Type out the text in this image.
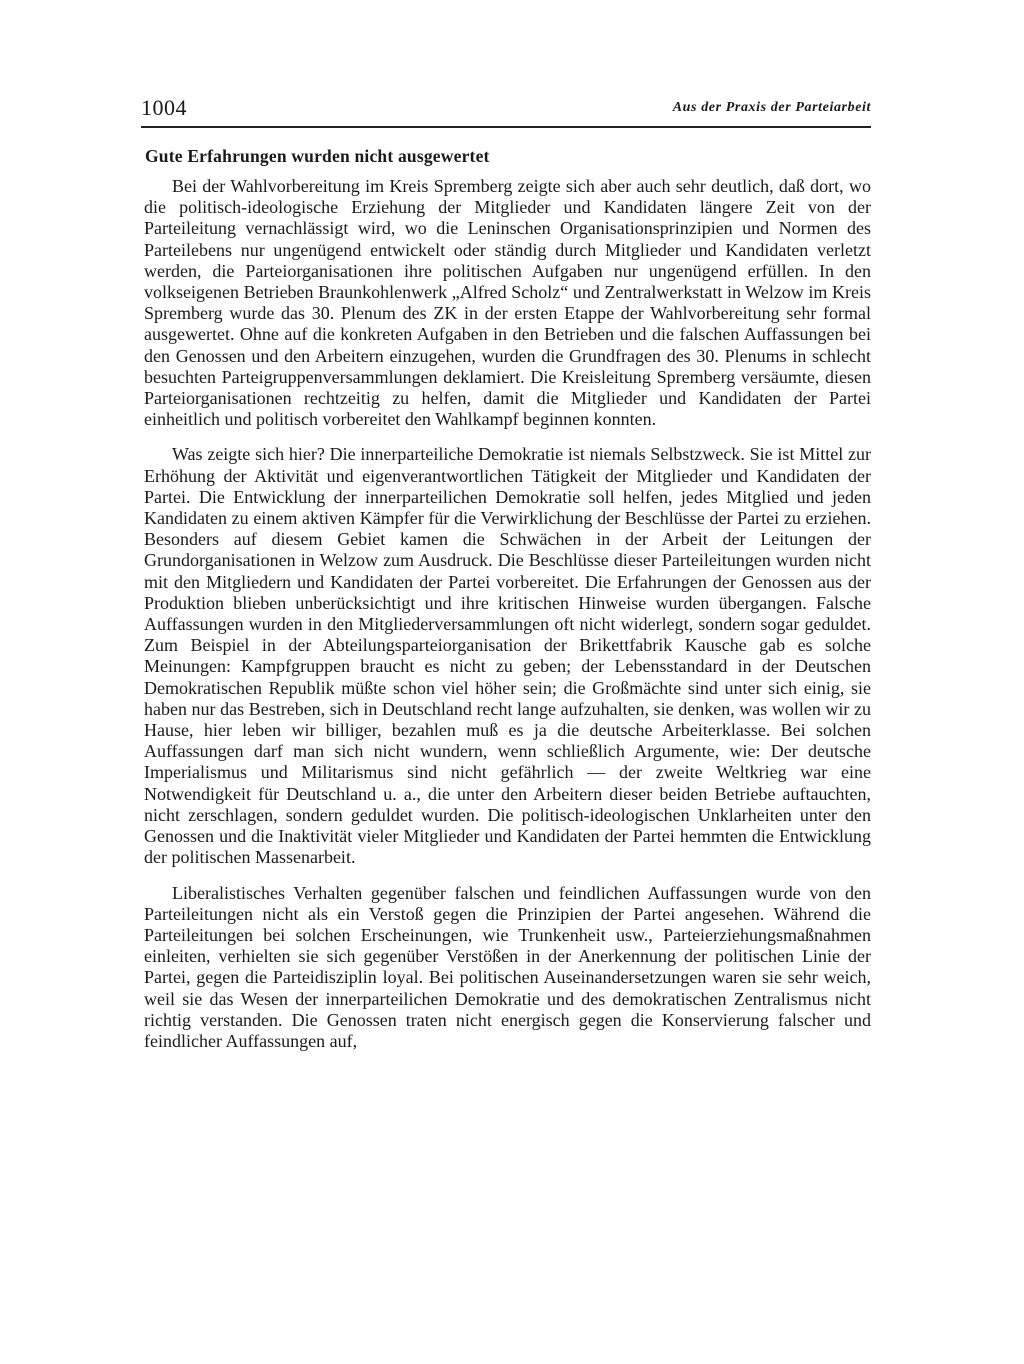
1004	Aus der Praxis der Parteiarbeit
Gute Erfahrungen wurden nicht ausgewertet

Bei der Wahlvorbereitung im Kreis Spremberg zeigte sich aber auch sehr deutlich, daß dort, wo die politisch-ideologische Erziehung der Mitglieder und Kandidaten längere Zeit von der Parteileitung vernachlässigt wird, wo die Leninschen Organisationsprinzipien und Normen des Parteilebens nur ungenügend entwickelt oder ständig durch Mitglieder und Kandidaten verletzt werden, die Parteiorganisationen ihre politischen Aufgaben nur ungenügend erfüllen. In den volkseigenen Betrieben Braunkohlenwerk „Alfred Scholz“ und Zentralwerkstatt in Welzow im Kreis Spremberg wurde das 30. Plenum des ZK in der ersten Etappe der Wahlvorbereitung sehr formal ausgewertet. Ohne auf die konkreten Aufgaben in den Betrieben und die falschen Auffassungen bei den Genossen und den Arbeitern einzugehen, wurden die Grundfragen des 30. Plenums in schlecht besuchten Parteigruppenversammlungen deklamiert. Die Kreisleitung Spremberg versäumte, diesen Parteiorganisationen rechtzeitig zu helfen, damit die Mitglieder und Kandidaten der Partei einheitlich und politisch vorbereitet den Wahlkampf beginnen konnten.

Was zeigte sich hier? Die innerparteiliche Demokratie ist niemals Selbstzweck. Sie ist Mittel zur Erhöhung der Aktivität und eigenverantwortlichen Tätigkeit der Mitglieder und Kandidaten der Partei. Die Entwicklung der innerparteilichen Demokratie soll helfen, jedes Mitglied und jeden Kandidaten zu einem aktiven Kämpfer für die Verwirklichung der Beschlüsse der Partei zu erziehen. Besonders auf diesem Gebiet kamen die Schwächen in der Arbeit der Leitungen der Grundorganisationen in Welzow zum Ausdruck. Die Beschlüsse dieser Parteileitungen wurden nicht mit den Mitgliedern und Kandidaten der Partei vorbereitet. Die Erfahrungen der Genossen aus der Produktion blieben unberücksichtigt und ihre kritischen Hinweise wurden übergangen. Falsche Auffassungen wurden in den Mitgliederversammlungen oft nicht widerlegt, sondern sogar geduldet. Zum Beispiel in der Abteilungsparteiorganisation der Brikettfabrik Kausche gab es solche Meinungen: Kampfgruppen braucht es nicht zu geben; der Lebensstandard in der Deutschen Demokratischen Republik müßte schon viel höher sein; die Großmächte sind unter sich einig, sie haben nur das Bestreben, sich in Deutschland recht lange aufzuhalten, sie denken, was wollen wir zu Hause, hier leben wir billiger, bezahlen muß es ja die deutsche Arbeiterklasse. Bei solchen Auffassungen darf man sich nicht wundern, wenn schließlich Argumente, wie: Der deutsche Imperialismus und Militarismus sind nicht gefährlich — der zweite Weltkrieg war eine Notwendigkeit für Deutschland u. a., die unter den Arbeitern dieser beiden Betriebe auftauchten, nicht zerschlagen, sondern geduldet wurden. Die politisch-ideologischen Unklarheiten unter den Genossen und die Inaktivität vieler Mitglieder und Kandidaten der Partei hemmten die Entwicklung der politischen Massenarbeit.

Liberalistisches Verhalten gegenüber falschen und feindlichen Auffassungen wurde von den Parteileitungen nicht als ein Verstoß gegen die Prinzipien der Partei angesehen. Während die Parteileitungen bei solchen Erscheinungen, wie Trunkenheit usw., Parteierziehungsmaßnahmen einleiten, verhielten sie sich gegenüber Verstößen in der Anerkennung der politischen Linie der Partei, gegen die Parteidisziplin loyal. Bei politischen Auseinandersetzungen waren sie sehr weich, weil sie das Wesen der innerparteilichen Demokratie und des demokratischen Zentralismus nicht richtig verstanden. Die Genossen traten nicht energisch gegen die Konservierung falscher und feindlicher Auffassungen auf,
